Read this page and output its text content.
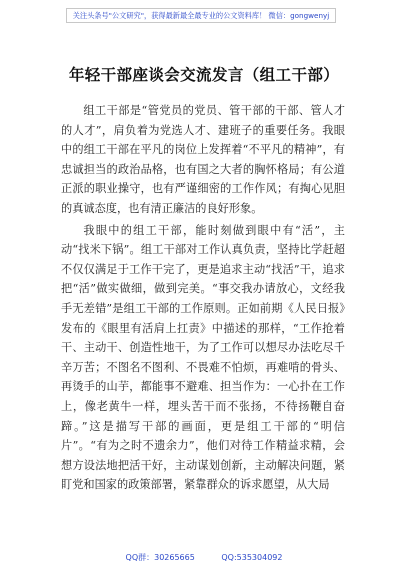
关注头条号"公文研究"，获得最新最全最专业的公文资料库！ 微信：gongwenyj
年轻干部座谈会交流发言（组工干部）

组工干部是“管党员的党员、管干部的干部、管人才的人才”，肩负着为党选人才、建班子的重要任务。我眼中的组工干部在平凡的岗位上发挥着“不平凡的精神”，有忠诚担当的政治品格，也有国之大者的胸怀格局；有公道正派的职业操守，也有严谨细密的工作作风；有掏心见胆的真诚态度，也有清正廉洁的良好形象。

我眼中的组工干部，能时刻做到眼中有“活”，主动“找米下锅”。组工干部对工作认真负责，坚持比学赶超不仅仅满足于工作干完了，更是追求主动“找活”干，追求把“活”做实做细，做到完美。“事交我办请放心，文经我手无差错”是组工干部的工作原则。正如前期《人民日报》发布的《眼里有活肩上扛责》中描述的那样，“工作抢着干、主动干、创造性地干，为了工作可以想尽办法吃尽千辛万苦；不图名不图利、不畏难不怕烦，再难啃的骨头、再烫手的山芋，都能事不避难、担当作为：一心扑在工作上，像老黄牛一样，埋头苦干而不张扬，不待扬鞭自奋蹄。”这是描写干部的画面，更是组工干部的“明信片”。“有为之时不遗余力”，他们对待工作精益求精，会想方设法地把活干好，主动谋划创新，主动解决问题，紧盯党和国家的政策部署，紧靠群众的诉求愿望，从大局

QQ群：30265665	QQ:535304092
